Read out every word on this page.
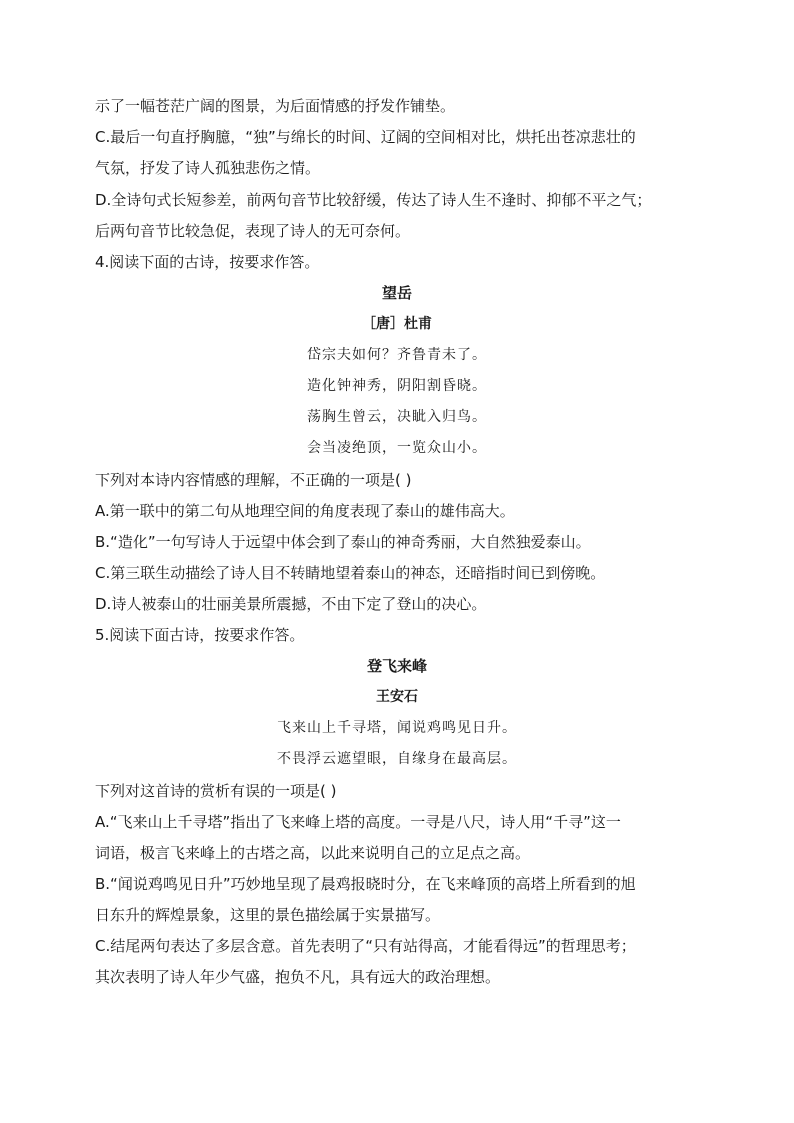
示了一幅苍茫广阔的图景，为后面情感的抒发作铺垫。
C.最后一句直抒胸臆，“独”与绵长的时间、辽阔的空间相对比，烘托出苍凉悲壮的
气氛，抒发了诗人孤独悲伤之情。
D.全诗句式长短参差，前两句音节比较舒缓，传达了诗人生不逢时、抑郁不平之气；
后两句音节比较急促，表现了诗人的无可奈何。
4.阅读下面的古诗，按要求作答。
望岳
［唐］杜甫
岱宗夫如何？齐鲁青未了。
造化钟神秀，阴阳割昏晓。
荡胸生曾云，决眦入归鸟。
会当凌绝顶，一览众山小。
下列对本诗内容情感的理解，不正确的一项是( )
A.第一联中的第二句从地理空间的角度表现了泰山的雄伟高大。
B.“造化”一句写诗人于远望中体会到了泰山的神奇秀丽，大自然独爱泰山。
C.第三联生动描绘了诗人目不转睛地望着泰山的神态，还暗指时间已到傍晚。
D.诗人被泰山的壮丽美景所震撼，不由下定了登山的决心。
5.阅读下面古诗，按要求作答。
登飞来峰
王安石
飞来山上千寻塔，闻说鸡鸣见日升。
不畏浮云遮望眼，自缘身在最高层。
下列对这首诗的赏析有误的一项是( )
A.“飞来山上千寻塔”指出了飞来峰上塔的高度。一寻是八尺，诗人用“千寻”这一
词语，极言飞来峰上的古塔之高，以此来说明自己的立足点之高。
B.“闻说鸡鸣见日升”巧妙地呈现了晨鸡报晓时分，在飞来峰顶的高塔上所看到的旭
日东升的辉煌景象，这里的景色描绘属于实景描写。
C.结尾两句表达了多层含意。首先表明了“只有站得高，才能看得远”的哲理思考；
其次表明了诗人年少气盛，抱负不凡，具有远大的政治理想。
